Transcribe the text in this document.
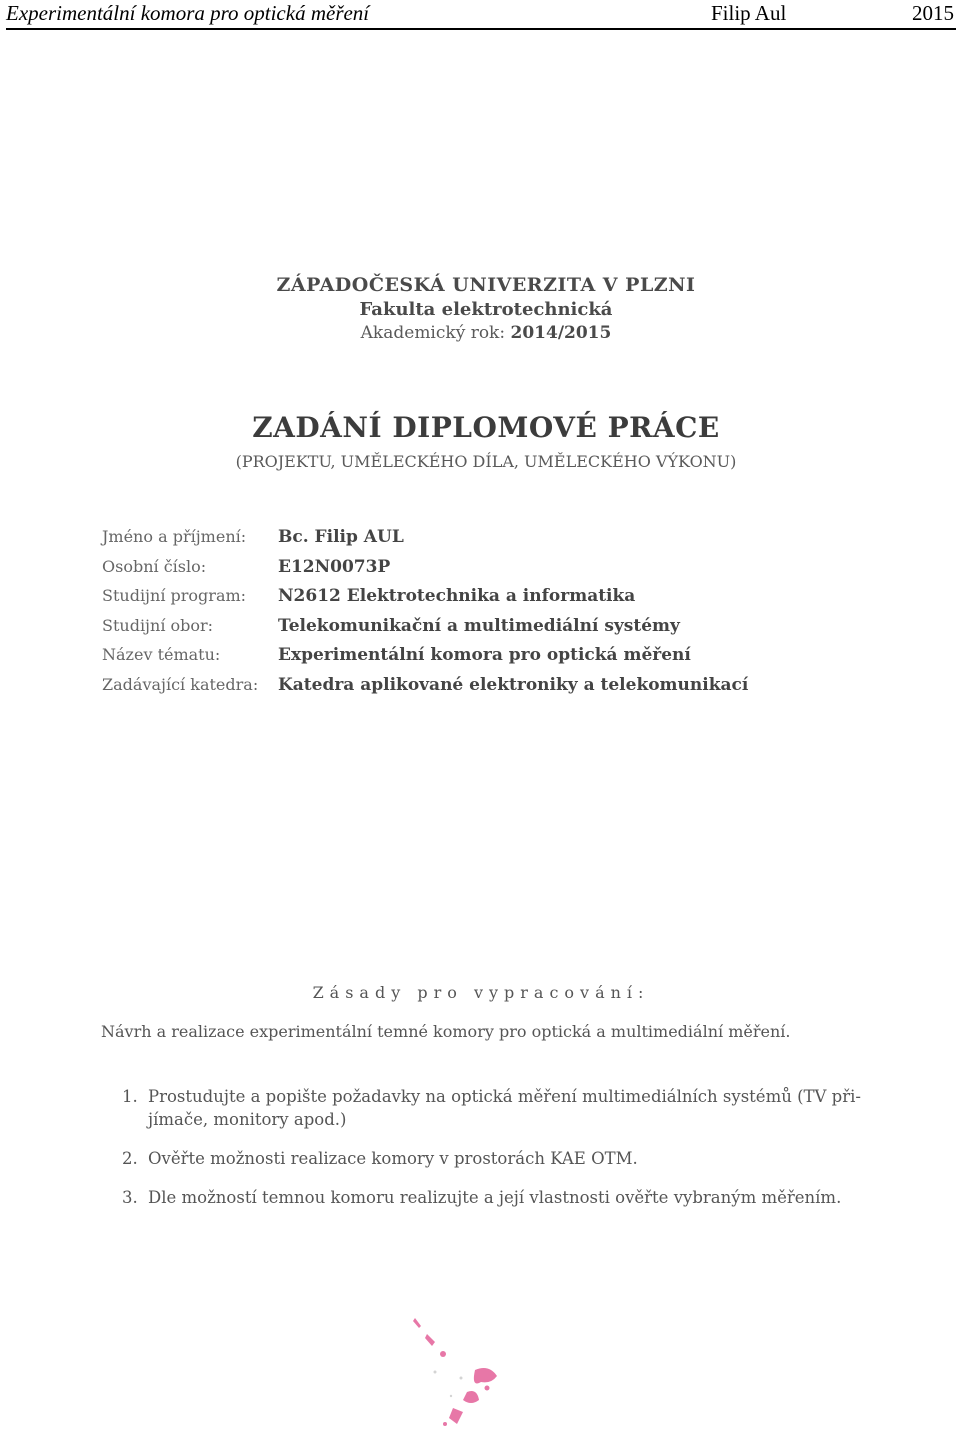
Experimentální komora pro optická měření	Filip Aul	2015
ZÁPADOČESKÁ UNIVERZITA V PLZNI
Fakulta elektrotechnická
Akademický rok: 2014/2015
ZADÁNÍ DIPLOMOVÉ PRÁCE
(PROJEKTU, UMĚLECKÉHO DÍLA, UMĚLECKÉHO VÝKONU)
Jméno a příjmení: Bc. Filip AUL
Osobní číslo:	E12N0073P
Studijní program: N2612 Elektrotechnika a informatika
Studijní obor:	Telekomunikační a multimediální systémy
Název tématu:	Experimentální komora pro optická měření
Zadávající katedra: Katedra aplikované elektroniky a telekomunikací
Zásady pro vypracování:
Návrh a realizace experimentální temné komory pro optická a multimediální měření.
1. Prostudujte a popište požadavky na optická měření multimediálních systémů (TV při-
jímače, monitory apod.)
2. Ověřte možnosti realizace komory v prostorách KAE OTM.
3. Dle možností temnou komoru realizujte a její vlastnosti ověřte vybraným měřením.
